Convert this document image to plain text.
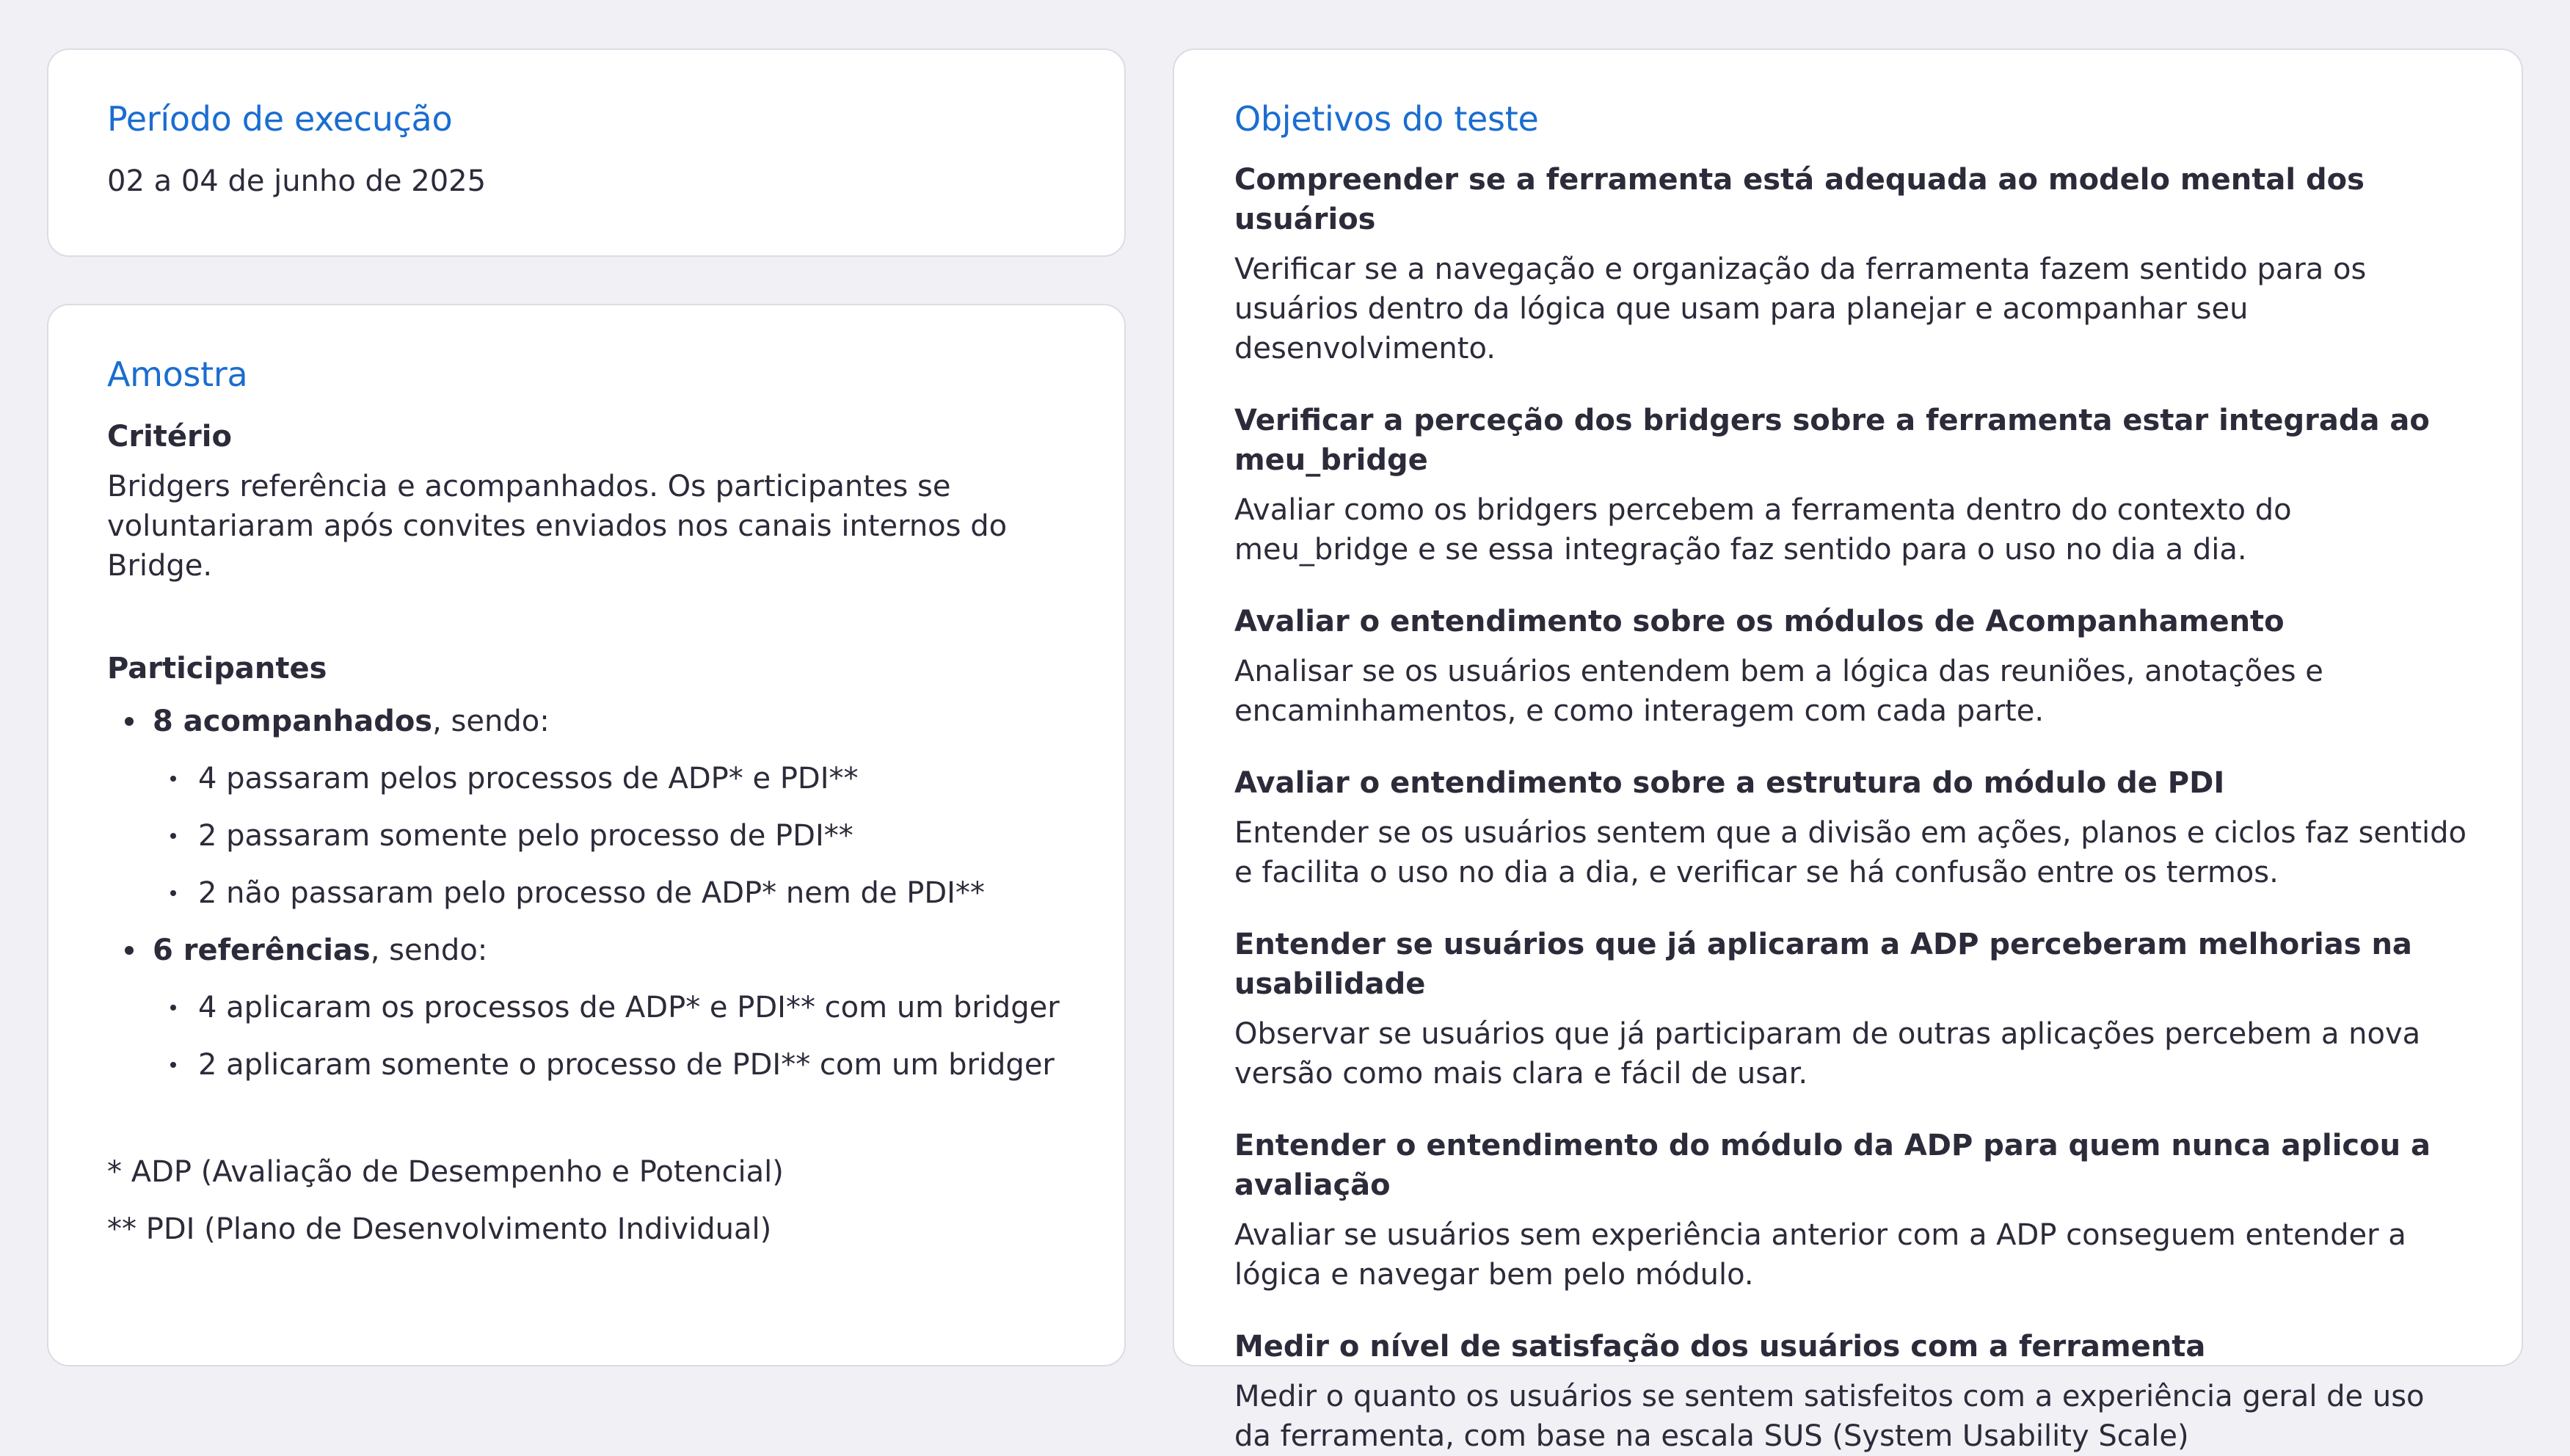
Período de execução

02 a 04 de junho de 2025

Amostra

Critério

Bridgers referência e acompanhados. Os participantes se voluntariaram após convites enviados nos canais internos do Bridge.

Participantes

8 acompanhados, sendo:
4 passaram pelos processos de ADP* e PDI**
2 passaram somente pelo processo de PDI**
2 não passaram pelo processo de ADP* nem de PDI**
6 referências, sendo:
4 aplicaram os processos de ADP* e PDI** com um bridger
2 aplicaram somente o processo de PDI** com um bridger

* ADP (Avaliação de Desempenho e Potencial)

** PDI (Plano de Desenvolvimento Individual)

Objetivos do teste

Compreender se a ferramenta está adequada ao modelo mental dos usuários

Verificar se a navegação e organização da ferramenta fazem sentido para os usuários dentro da lógica que usam para planejar e acompanhar seu desenvolvimento.

Verificar a perceção dos bridgers sobre a ferramenta estar integrada ao meu_bridge

Avaliar como os bridgers percebem a ferramenta dentro do contexto do meu_bridge e se essa integração faz sentido para o uso no dia a dia.

Avaliar o entendimento sobre os módulos de Acompanhamento

Analisar se os usuários entendem bem a lógica das reuniões, anotações e encaminhamentos, e como interagem com cada parte.

Avaliar o entendimento sobre a estrutura do módulo de PDI

Entender se os usuários sentem que a divisão em ações, planos e ciclos faz sentido e facilita o uso no dia a dia, e verificar se há confusão entre os termos.

Entender se usuários que já aplicaram a ADP perceberam melhorias na usabilidade

Observar se usuários que já participaram de outras aplicações percebem a nova versão como mais clara e fácil de usar.

Entender o entendimento do módulo da ADP para quem nunca aplicou a avaliação

Avaliar se usuários sem experiência anterior com a ADP conseguem entender a lógica e navegar bem pelo módulo.

Medir o nível de satisfação dos usuários com a ferramenta

Medir o quanto os usuários se sentem satisfeitos com a experiência geral de uso da ferramenta, com base na escala SUS (System Usability Scale)
